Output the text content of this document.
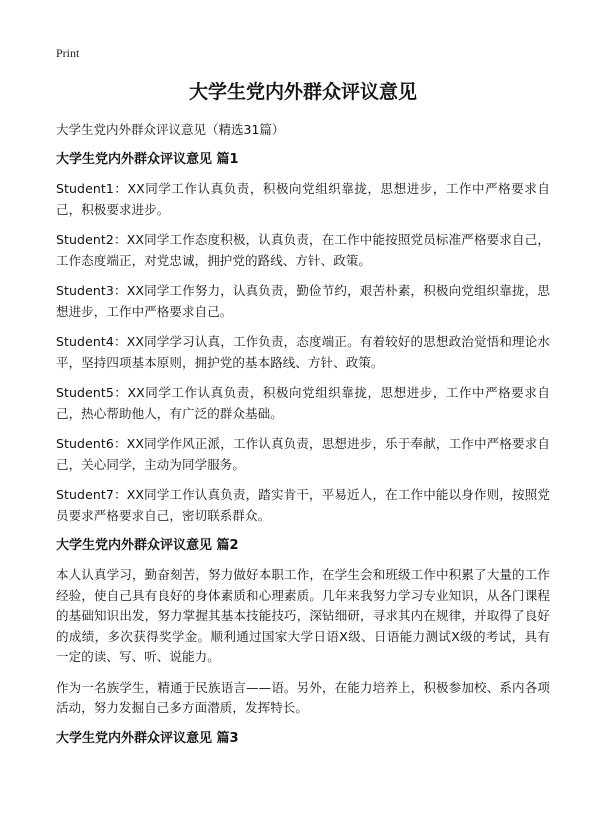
Print
大学生党内外群众评议意见
大学生党内外群众评议意见（精选31篇）
大学生党内外群众评议意见 篇1
Student1：XX同学工作认真负责，积极向党组织靠拢，思想进步，工作中严格要求自己，积极要求进步。
Student2：XX同学工作态度积极，认真负责，在工作中能按照党员标准严格要求自己，工作态度端正，对党忠诚，拥护党的路线、方针、政策。
Student3：XX同学工作努力，认真负责，勤俭节约，艰苦朴素，积极向党组织靠拢，思想进步，工作中严格要求自己。
Student4：XX同学学习认真，工作负责，态度端正。有着较好的思想政治觉悟和理论水平，坚持四项基本原则，拥护党的基本路线、方针、政策。
Student5：XX同学工作认真负责，积极向党组织靠拢，思想进步，工作中严格要求自己，热心帮助他人，有广泛的群众基础。
Student6：XX同学作风正派，工作认真负责，思想进步，乐于奉献，工作中严格要求自己，关心同学，主动为同学服务。
Student7：XX同学工作认真负责，踏实肯干，平易近人，在工作中能以身作则，按照党员要求严格要求自己，密切联系群众。
大学生党内外群众评议意见 篇2
本人认真学习，勤奋刻苦，努力做好本职工作，在学生会和班级工作中积累了大量的工作经验，使自己具有良好的身体素质和心理素质。几年来我努力学习专业知识，从各门课程的基础知识出发，努力掌握其基本技能技巧，深钻细研，寻求其内在规律，并取得了良好的成绩，多次获得奖学金。顺利通过国家大学日语X级、日语能力测试X级的考试，具有一定的读、写、听、说能力。
作为一名族学生，精通于民族语言——语。另外，在能力培养上，积极参加校、系内各项活动，努力发掘自己多方面潜质，发挥特长。
大学生党内外群众评议意见 篇3
